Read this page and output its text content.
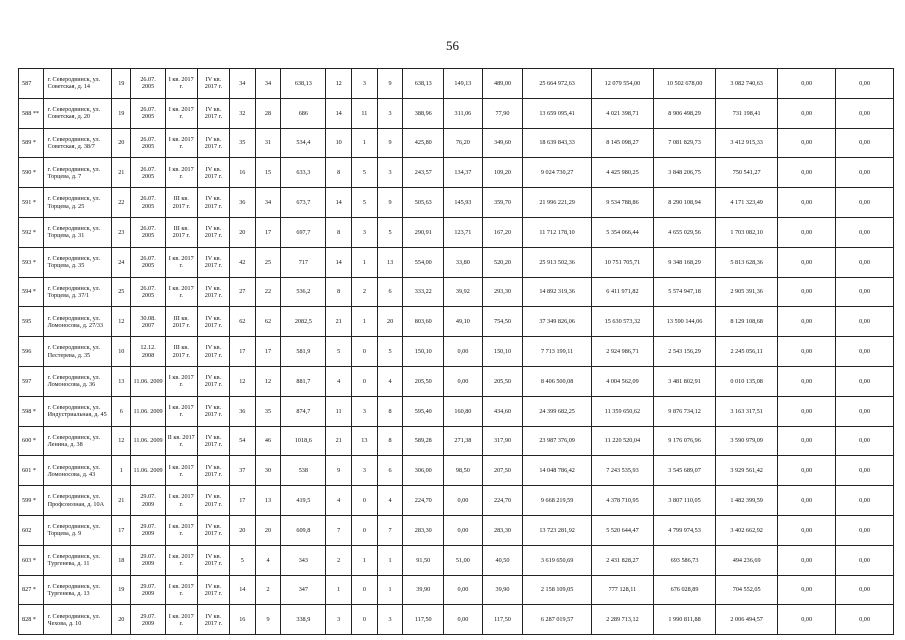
56
587	г. Северодвинск, ул. Советская, д. 14	19	26.07. 2005	I кв. 2017 г.	IV кв. 2017 г.	34	34	638,13	12	3	9	638,13	149,13	489,00	25 664 972,63	12 079 554,00	10 502 678,00	3 082 740,63	0,00	0,00
588 **	г. Северодвинск, ул. Советская, д. 20	19	26.07. 2005	I кв. 2017 г.	IV кв. 2017 г.	32	28	686	14	11	3	388,96	311,06	77,90	13 659 095,41	4 021 398,71	8 906 498,29	731 198,41	0,00	0,00
589 *	г. Северодвинск, ул. Советская, д. 38/7	20	26.07. 2005	I кв. 2017 г.	IV кв. 2017 г.	35	31	534,4	10	1	9	425,80	76,20	349,60	18 639 843,33	8 145 098,27	7 081 829,73	3 412 915,33	0,00	0,00
590 *	г. Северодвинск, ул. Торцева, д. 7	21	26.07. 2005	I кв. 2017 г.	IV кв. 2017 г.	16	15	633,3	8	5	3	243,57	134,37	109,20	9 024 730,27	4 425 980,25	3 848 206,75	750 541,27	0,00	0,00
591 *	г. Северодвинск, ул. Торцева, д. 25	22	26.07. 2005	III кв. 2017 г.	IV кв. 2017 г.	36	34	673,7	14	5	9	505,63	145,93	359,70	21 996 221,29	9 534 788,86	8 290 108,94	4 171 323,49	0,00	0,00
592 *	г. Северодвинск, ул. Торцева, д. 31	23	26.07. 2005	III кв. 2017 г.	IV кв. 2017 г.	20	17	697,7	8	3	5	290,91	123,71	167,20	11 712 178,10	5 354 066,44	4 655 029,56	1 703 082,10	0,00	0,00
593 *	г. Северодвинск, ул. Торцева, д. 35	24	26.07. 2005	I кв. 2017 г.	IV кв. 2017 г.	42	25	717	14	1	13	554,00	33,80	520,20	25 913 502,36	10 751 705,71	9 348 168,29	5 813 628,36	0,00	0,00
594 *	г. Северодвинск, ул. Торцева, д. 37/1	25	26.07. 2005	I кв. 2017 г.	IV кв. 2017 г.	27	22	536,2	8	2	6	333,22	39,92	293,30	14 892 319,36	6 411 971,82	5 574 947,18	2 905 391,36	0,00	0,00
595	г. Северодвинск, ул. Ломоносова, д. 27/33	12	30.08. 2007	III кв. 2017 г.	IV кв. 2017 г.	62	62	2082,5	21	1	20	803,60	49,10	754,50	37 349 826,06	15 630 573,32	13 590 144,06	8 129 108,68	0,00	0,00
596	г. Северодвинск, ул. Пестерева, д. 35	10	12.12. 2008	III кв. 2017 г.	IV кв. 2017 г.	17	17	581,9	5	0	5	150,10	0,00	150,10	7 713 199,11	2 924 986,71	2 543 156,29	2 245 056,11	0,00	0,00
597	г. Северодвинск, ул. Ломоносова, д. 36	13	11.06. 2009	I кв. 2017 г.	IV кв. 2017 г.	12	12	881,7	4	0	4	205,50	0,00	205,50	8 406 500,08	4 004 562,09	3 481 802,91	0 010 135,08	0,00	0,00
598 *	г. Северодвинск, ул. Индустриальная, д. 45	6	11.06. 2009	I кв. 2017 г.	IV кв. 2017 г.	36	35	874,7	11	3	8	595,40	160,80	434,60	24 399 682,25	11 359 650,62	9 876 734,12	3 163 317,51	0,00	0,00
600 *	г. Северодвинск, ул. Ленина, д. 38	12	11.06. 2009	II кв. 2017 г.	IV кв. 2017 г.	54	46	1018,6	21	13	8	589,28	271,38	317,90	23 987 376,09	11 220 520,04	9 176 076,96	3 590 979,09	0,00	0,00
601 *	г. Северодвинск, ул. Ломоносова, д. 43	1	11.06. 2009	I кв. 2017 г.	IV кв. 2017 г.	37	30	538	9	3	6	306,00	98,50	207,50	14 048 786,42	7 243 535,93	3 545 689,07	3 929 561,42	0,00	0,00
599 *	г. Северодвинск, ул. Профсоюзная, д. 10А	21	29.07. 2009	I кв. 2017 г.	IV кв. 2017 г.	17	13	419,5	4	0	4	224,70	0,00	224,70	9 668 219,59	4 378 710,95	3 807 110,05	1 482 399,59	0,00	0,00
602	г. Северодвинск, ул. Торцева, д. 9	17	29.07. 2009	I кв. 2017 г.	IV кв. 2017 г.	20	20	609,8	7	0	7	283,30	0,00	283,30	13 723 281,92	5 520 644,47	4 799 974,53	3 402 662,92	0,00	0,00
603 *	г. Северодвинск, ул. Тургенева, д. 11	18	29.07. 2009	I кв. 2017 г.	IV кв. 2017 г.	5	4	343	2	1	1	91,50	51,00	40,50	3 619 650,69	2 431 828,27	693 586,73	494 236,69	0,00	0,00
827 *	г. Северодвинск, ул. Тургенева, д. 13	19	29.07. 2009	I кв. 2017 г.	IV кв. 2017 г.	14	2	347	1	0	1	39,90	0,00	39,90	2 158 109,05	777 128,11	676 028,89	704 552,05	0,00	0,00
828 *	г. Северодвинск, ул. Чехова, д. 10	20	29.07. 2009	I кв. 2017 г.	IV кв. 2017 г.	16	9	338,9	3	0	3	117,50	0,00	117,50	6 287 019,57	2 289 713,12	1 990 811,88	2 006 494,57	0,00	0,00
